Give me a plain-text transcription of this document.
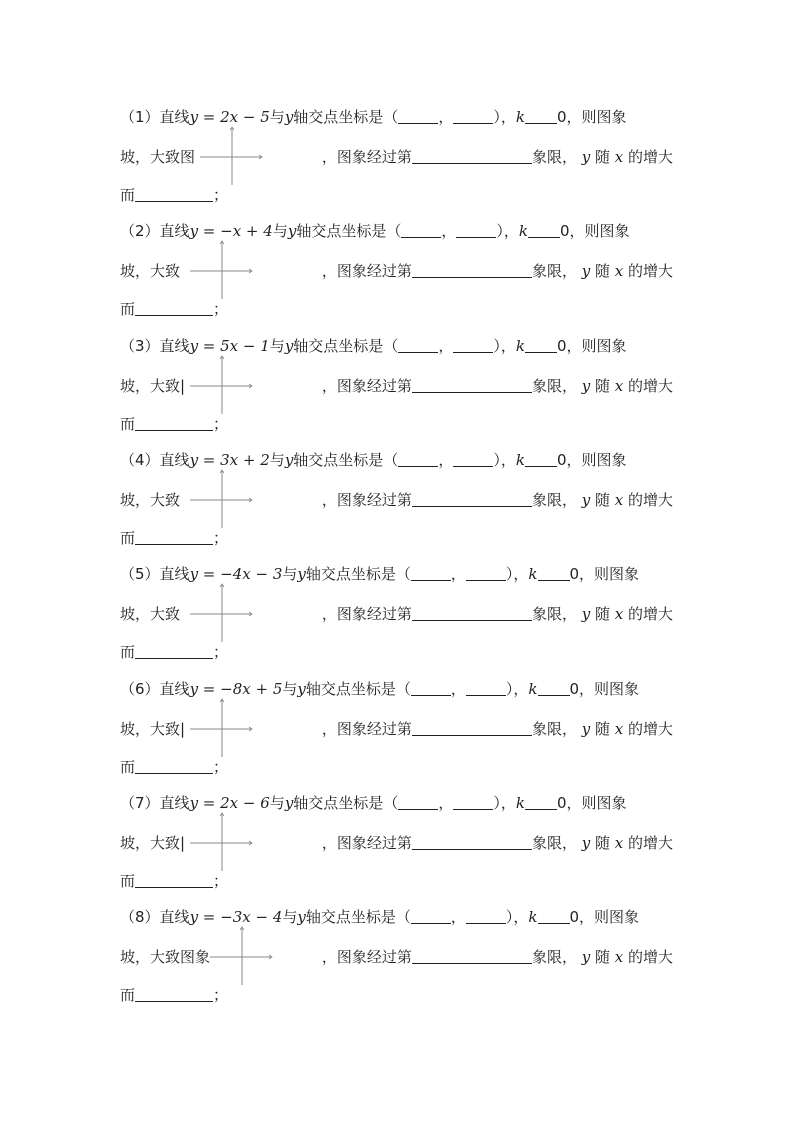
（1）直线y = 2x − 5与y轴交点坐标是（	，	），k 0，则图象
坡，大致图	，图象经过第	象限， y 随 x 的增大
而	；
（2）直线y = −x + 4与y轴交点坐标是（	，	），k 0，则图象
坡，大致	，图象经过第	象限， y 随 x 的增大
而	；
（3）直线y = 5x − 1与y轴交点坐标是（	，	），k 0，则图象
坡，大致|	，图象经过第	象限， y 随 x 的增大
而	；
（4）直线y = 3x + 2与y轴交点坐标是（	，	），k 0，则图象
坡，大致	，图象经过第	象限， y 随 x 的增大
而	；
（5）直线y = −4x − 3与y轴交点坐标是（	，	），k 0，则图象
坡，大致	，图象经过第	象限， y 随 x 的增大
而	；
（6）直线y = −8x + 5与y轴交点坐标是（	，	），k 0，则图象
坡，大致|	，图象经过第	象限， y 随 x 的增大
而	；
（7）直线y = 2x − 6与y轴交点坐标是（	，	），k 0，则图象
坡，大致|	，图象经过第	象限， y 随 x 的增大
而	；
（8）直线y = −3x − 4与y轴交点坐标是（	，	），k 0，则图象
坡，大致图象	，图象经过第	象限， y 随 x 的增大
而	；
